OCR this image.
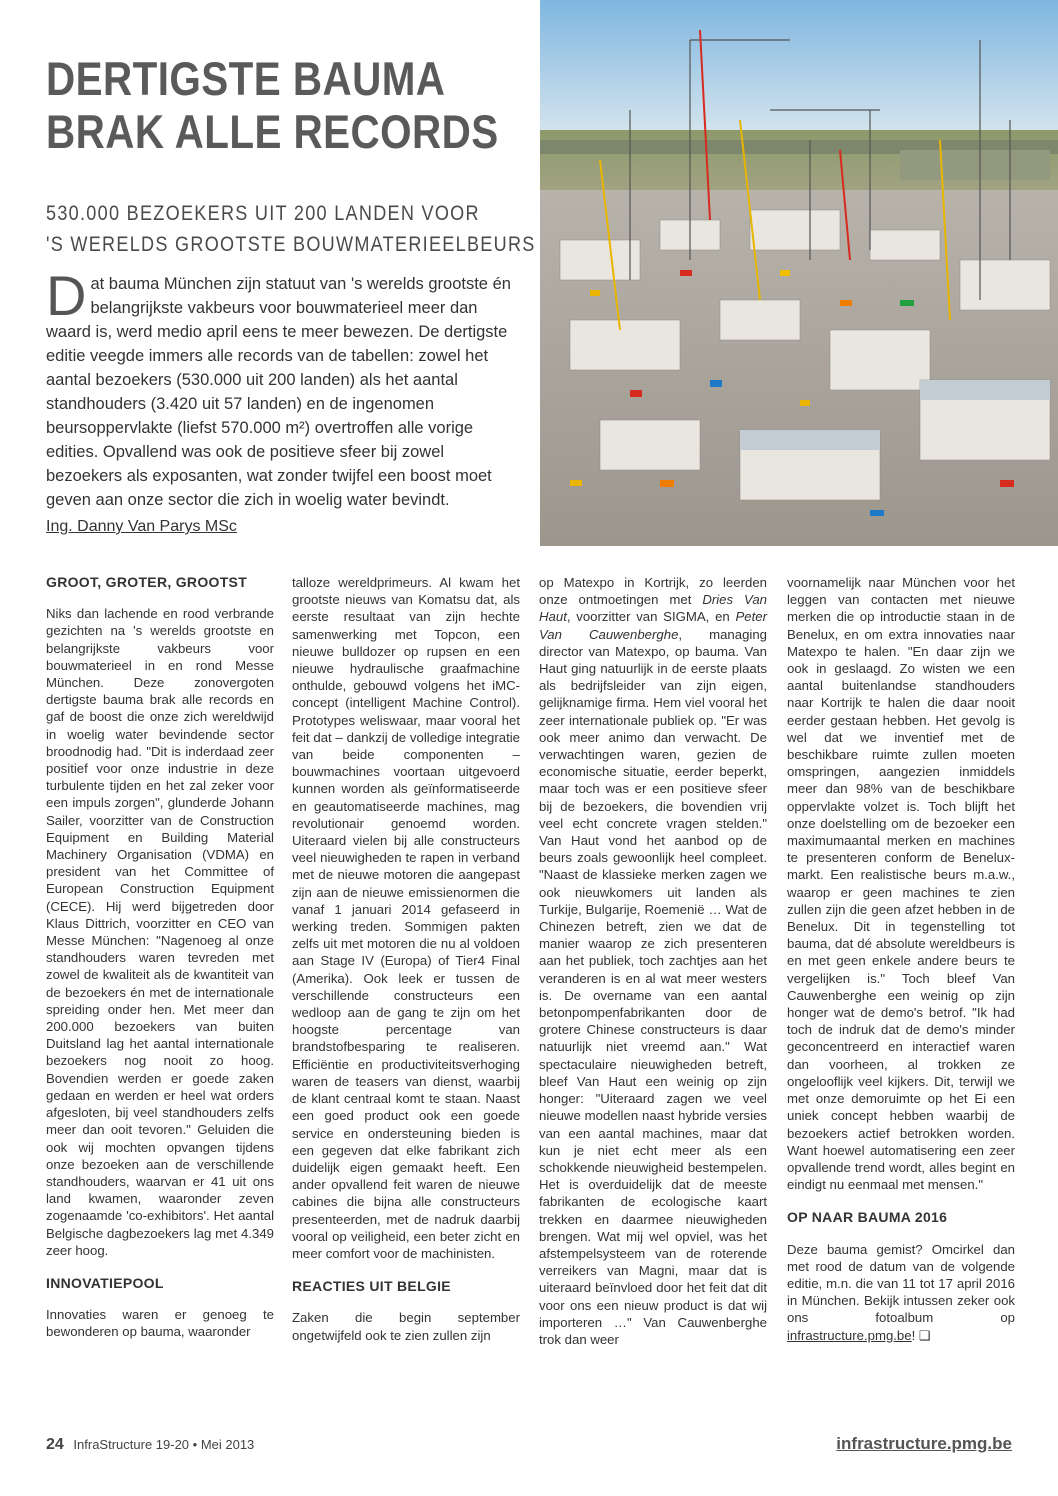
DERTIGSTE BAUMA
BRAK ALLE RECORDS
530.000 BEZOEKERS UIT 200 LANDEN VOOR
'S WERELDS GROOTSTE BOUWMATERIEELBEURS
D at bauma München zijn statuut van 's werelds grootste én belangrijkste vakbeurs voor bouwmaterieel meer dan waard is, werd medio april eens te meer bewezen. De dertigste editie veegde immers alle records van de tabellen: zowel het aantal bezoekers (530.000 uit 200 landen) als het aantal standhouders (3.420 uit 57 landen) en de ingenomen beursoppervlakte (liefst 570.000 m²) overtroffen alle vorige edities. Opvallend was ook de positieve sfeer bij zowel bezoekers als exposanten, wat zonder twijfel een boost moet geven aan onze sector die zich in woelig water bevindt.
Ing. Danny Van Parys MSc
GROOT, GROTER, GROOTST

Niks dan lachende en rood verbrande gezichten na 's werelds grootste en belangrijkste vakbeurs voor bouwmaterieel in en rond Messe München. Deze zonovergoten dertigste bauma brak alle records en gaf de boost die onze zich wereldwijd in woelig water bevindende sector broodnodig had. "Dit is inderdaad zeer positief voor onze industrie in deze turbulente tijden en het zal zeker voor een impuls zorgen", glunderde Johann Sailer, voorzitter van de Construction Equipment en Building Material Machinery Organisation (VDMA) en president van het Committee of European Construction Equipment (CECE). Hij werd bijgetreden door Klaus Dittrich, voorzitter en CEO van Messe München: "Nagenoeg al onze standhouders waren tevreden met zowel de kwaliteit als de kwantiteit van de bezoekers én met de internationale spreiding onder hen. Met meer dan 200.000 bezoekers van buiten Duitsland lag het aantal internationale bezoekers nog nooit zo hoog. Bovendien werden er goede zaken gedaan en werden er heel wat orders afgesloten, bij veel standhouders zelfs meer dan ooit tevoren." Geluiden die ook wij mochten opvangen tijdens onze bezoeken aan de verschillende standhouders, waarvan er 41 uit ons land kwamen, waaronder zeven zogenaamde 'co-exhibitors'. Het aantal Belgische dagbezoekers lag met 4.349 zeer hoog.

INNOVATIEPOOL

Innovaties waren er genoeg te bewonderen op bauma, waaronder

talloze wereldprimeurs. Al kwam het grootste nieuws van Komatsu dat, als eerste resultaat van zijn hechte samenwerking met Topcon, een nieuwe bulldozer op rupsen en een nieuwe hydraulische graafmachine onthulde, gebouwd volgens het iMC-concept (intelligent Machine Control). Prototypes weliswaar, maar vooral het feit dat – dankzij de volledige integratie van beide componenten – bouwmachines voortaan uitgevoerd kunnen worden als geïnformatiseerde en geautomatiseerde machines, mag revolutionair genoemd worden. Uiteraard vielen bij alle constructeurs veel nieuwigheden te rapen in verband met de nieuwe motoren die aangepast zijn aan de nieuwe emissienormen die vanaf 1 januari 2014 gefaseerd in werking treden. Sommigen pakten zelfs uit met motoren die nu al voldoen aan Stage IV (Europa) of Tier4 Final (Amerika). Ook leek er tussen de verschillende constructeurs een wedloop aan de gang te zijn om het hoogste percentage van brandstofbesparing te realiseren. Efficiëntie en productiviteitsverhoging waren de teasers van dienst, waarbij de klant centraal komt te staan. Naast een goed product ook een goede service en ondersteuning bieden is een gegeven dat elke fabrikant zich duidelijk eigen gemaakt heeft. Een ander opvallend feit waren de nieuwe cabines die bijna alle constructeurs presenteerden, met de nadruk daarbij vooral op veiligheid, een beter zicht en meer comfort voor de machinisten.

REACTIES UIT BELGIE

Zaken die begin september ongetwijfeld ook te zien zullen zijn

op Matexpo in Kortrijk, zo leerden onze ontmoetingen met Dries Van Haut, voorzitter van SIGMA, en Peter Van Cauwenberghe, managing director van Matexpo, op bauma. Van Haut ging natuurlijk in de eerste plaats als bedrijfsleider van zijn eigen, gelijknamige firma. Hem viel vooral het zeer internationale publiek op. "Er was ook meer animo dan verwacht. De verwachtingen waren, gezien de economische situatie, eerder beperkt, maar toch was er een positieve sfeer bij de bezoekers, die bovendien vrij veel echt concrete vragen stelden." Van Haut vond het aanbod op de beurs zoals gewoonlijk heel compleet. "Naast de klassieke merken zagen we ook nieuwkomers uit landen als Turkije, Bulgarije, Roemenië … Wat de Chinezen betreft, zien we dat de manier waarop ze zich presenteren aan het publiek, toch zachtjes aan het veranderen is en al wat meer westers is. De overname van een aantal betonpompenfabrikanten door de grotere Chinese constructeurs is daar natuurlijk niet vreemd aan." Wat spectaculaire nieuwigheden betreft, bleef Van Haut een weinig op zijn honger: "Uiteraard zagen we veel nieuwe modellen naast hybride versies van een aantal machines, maar dat kun je niet echt meer als een schokkende nieuwigheid bestempelen. Het is overduidelijk dat de meeste fabrikanten de ecologische kaart trekken en daarmee nieuwigheden brengen. Wat mij wel opviel, was het afstempelsysteem van de roterende verreikers van Magni, maar dat is uiteraard beïnvloed door het feit dat dit voor ons een nieuw product is dat wij importeren …" Van Cauwenberghe trok dan weer

voornamelijk naar München voor het leggen van contacten met nieuwe merken die op introductie staan in de Benelux, en om extra innovaties naar Matexpo te halen. "En daar zijn we ook in geslaagd. Zo wisten we een aantal buitenlandse standhouders naar Kortrijk te halen die daar nooit eerder gestaan hebben. Het gevolg is wel dat we inventief met de beschikbare ruimte zullen moeten omspringen, aangezien inmiddels meer dan 98% van de beschikbare oppervlakte volzet is. Toch blijft het onze doelstelling om de bezoeker een maximumaantal merken en machines te presenteren conform de Benelux-markt. Een realistische beurs m.a.w., waarop er geen machines te zien zullen zijn die geen afzet hebben in de Benelux. Dit in tegenstelling tot bauma, dat dé absolute wereldbeurs is en met geen enkele andere beurs te vergelijken is." Toch bleef Van Cauwenberghe een weinig op zijn honger wat de demo's betrof. "Ik had toch de indruk dat de demo's minder geconcentreerd en interactief waren dan voorheen, al trokken ze ongelooflijk veel kijkers. Dit, terwijl we met onze demoruimte op het Ei een uniek concept hebben waarbij de bezoekers actief betrokken worden. Want hoewel automatisering een zeer opvallende trend wordt, alles begint en eindigt nu eenmaal met mensen."

OP NAAR BAUMA 2016

Deze bauma gemist? Omcirkel dan met rood de datum van de volgende editie, m.n. die van 11 tot 17 april 2016 in München. Bekijk intussen zeker ook ons fotoalbum op infrastructure.pmg.be! ❑

24 InfraStructure 19-20 • Mei 2013	infrastructure.pmg.be
